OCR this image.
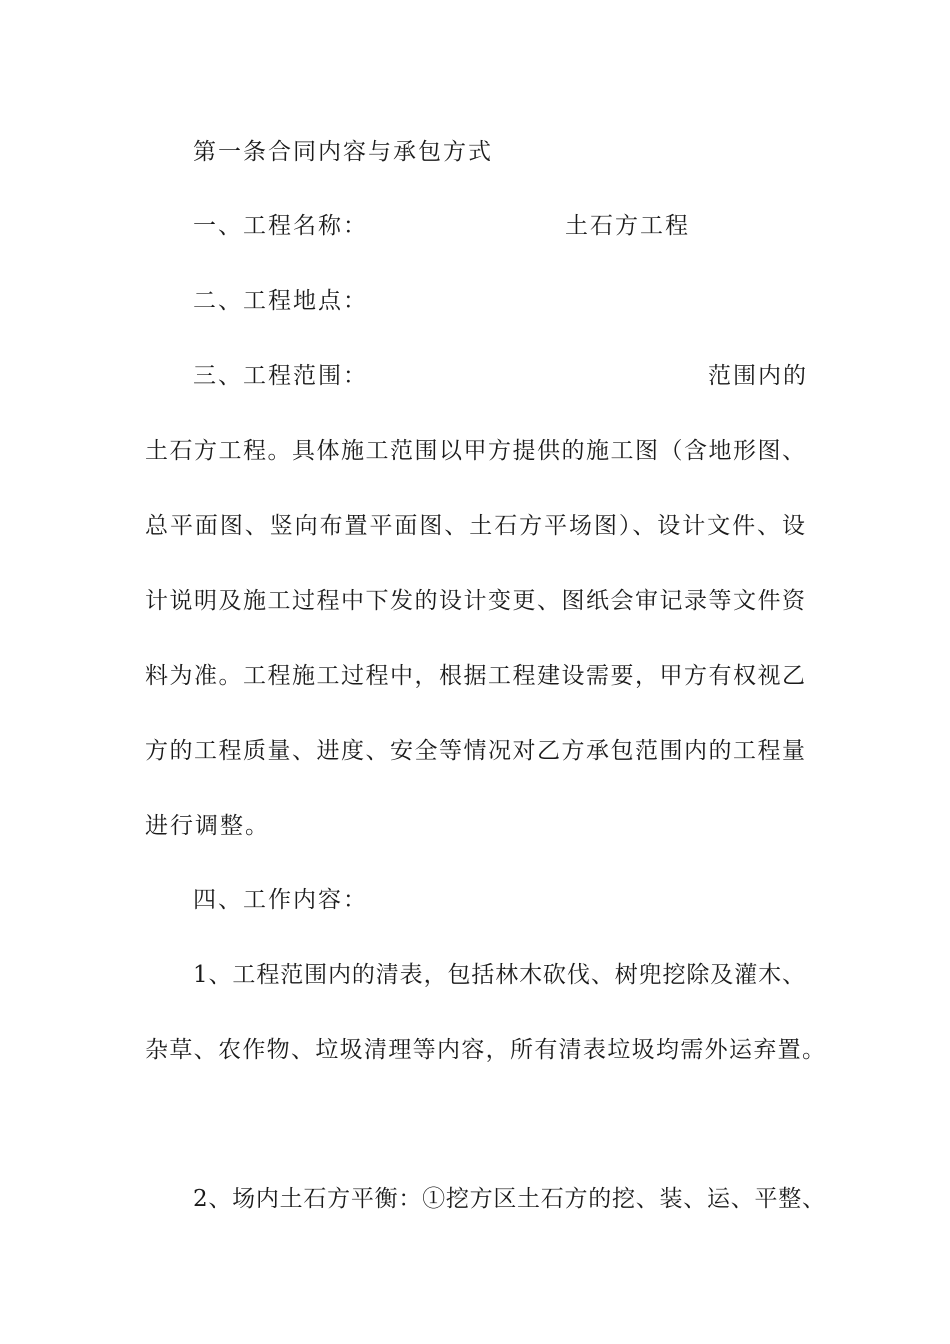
第一条合同内容与承包方式
一、工程名称：	土石方工程
二、工程地点：
三、工程范围：	范围内的
土石方工程。具体施工范围以甲方提供的施工图（含地形图、
总平面图、竖向布置平面图、土石方平场图）、设计文件、设
计说明及施工过程中下发的设计变更、图纸会审记录等文件资
料为准。工程施工过程中，根据工程建设需要，甲方有权视乙
方的工程质量、进度、安全等情况对乙方承包范围内的工程量
进行调整。
四、工作内容：
1、工程范围内的清表，包括林木砍伐、树兜挖除及灌木、
杂草、农作物、垃圾清理等内容，所有清表垃圾均需外运弃置。
2、场内土石方平衡：①挖方区土石方的挖、装、运、平整、
